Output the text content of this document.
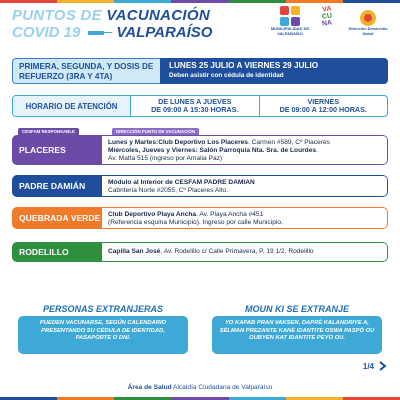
PUNTOS DE VACUNACIÓN
COVID 19 VALPARAÍSO	MUNICIPALIDAD DE VALPARAÍSO
VA
CU
NA
Dirección Desarrollo Salud
PRIMERA, SEGUNDA, Y DOSIS DE REFUERZO (3RA Y 4TA)
LUNES 25 JULIO A VIERNES 29 JULIO
Deben asistir con cédula de identidad
HORARIO DE ATENCIÓN
DE LUNES A JUEVES
DE 09:00 A 15:30 HORAS.
VIERNES
DE 09:00 A 12:00 HORAS.
CESFAM RESPONSABLE	DIRECCIÓN PUNTO DE VACUNACIÓN
PLACERES
Lunes y Martes:Club Deportivo Los Placeres. Carmen #589, Cº Placeres
Miércoles, Jueves y Viernes: Salón Parroquia Nta. Sra. de Lourdes.
Av. Matta 515 (ingreso por Amalia Paz)
PADRE DAMIÁN	Módulo al Interior de CESFAM PADRE DAMIAN
Cabritería Norte #2055, Cº Placeres Alto.
QUEBRADA VERDE Club Deportivo Playa Ancha. Av. Playa Ancha #451
(Referencia esquina Municipio). Ingreso por calle Municipio.
RODELILLO	Capilla San José, Av. Rodelillo c/ Calle Primavera, P. 19 1/2, Rodelillo
PERSONAS EXTRANJERAS
PUEDEN VACUNARSE, SEGÚN CALENDARIO PRESENTANDO SU CÉDULA DE IDENTIDAD, PASAPORTE O DNI.
MOUN KI SE EXTRANJE
YO KAPAB PRAN VAKSEN, DAPRÈ KALANDRIYE A, SÈLMAN PREZANTE KANÈ IDANTITE OSWA PASPÒ OU OUBYEN KAT IDANTITE PEYO OU.
1/4
Área de Salud Alcaldía Ciudadana de Valparaíso
